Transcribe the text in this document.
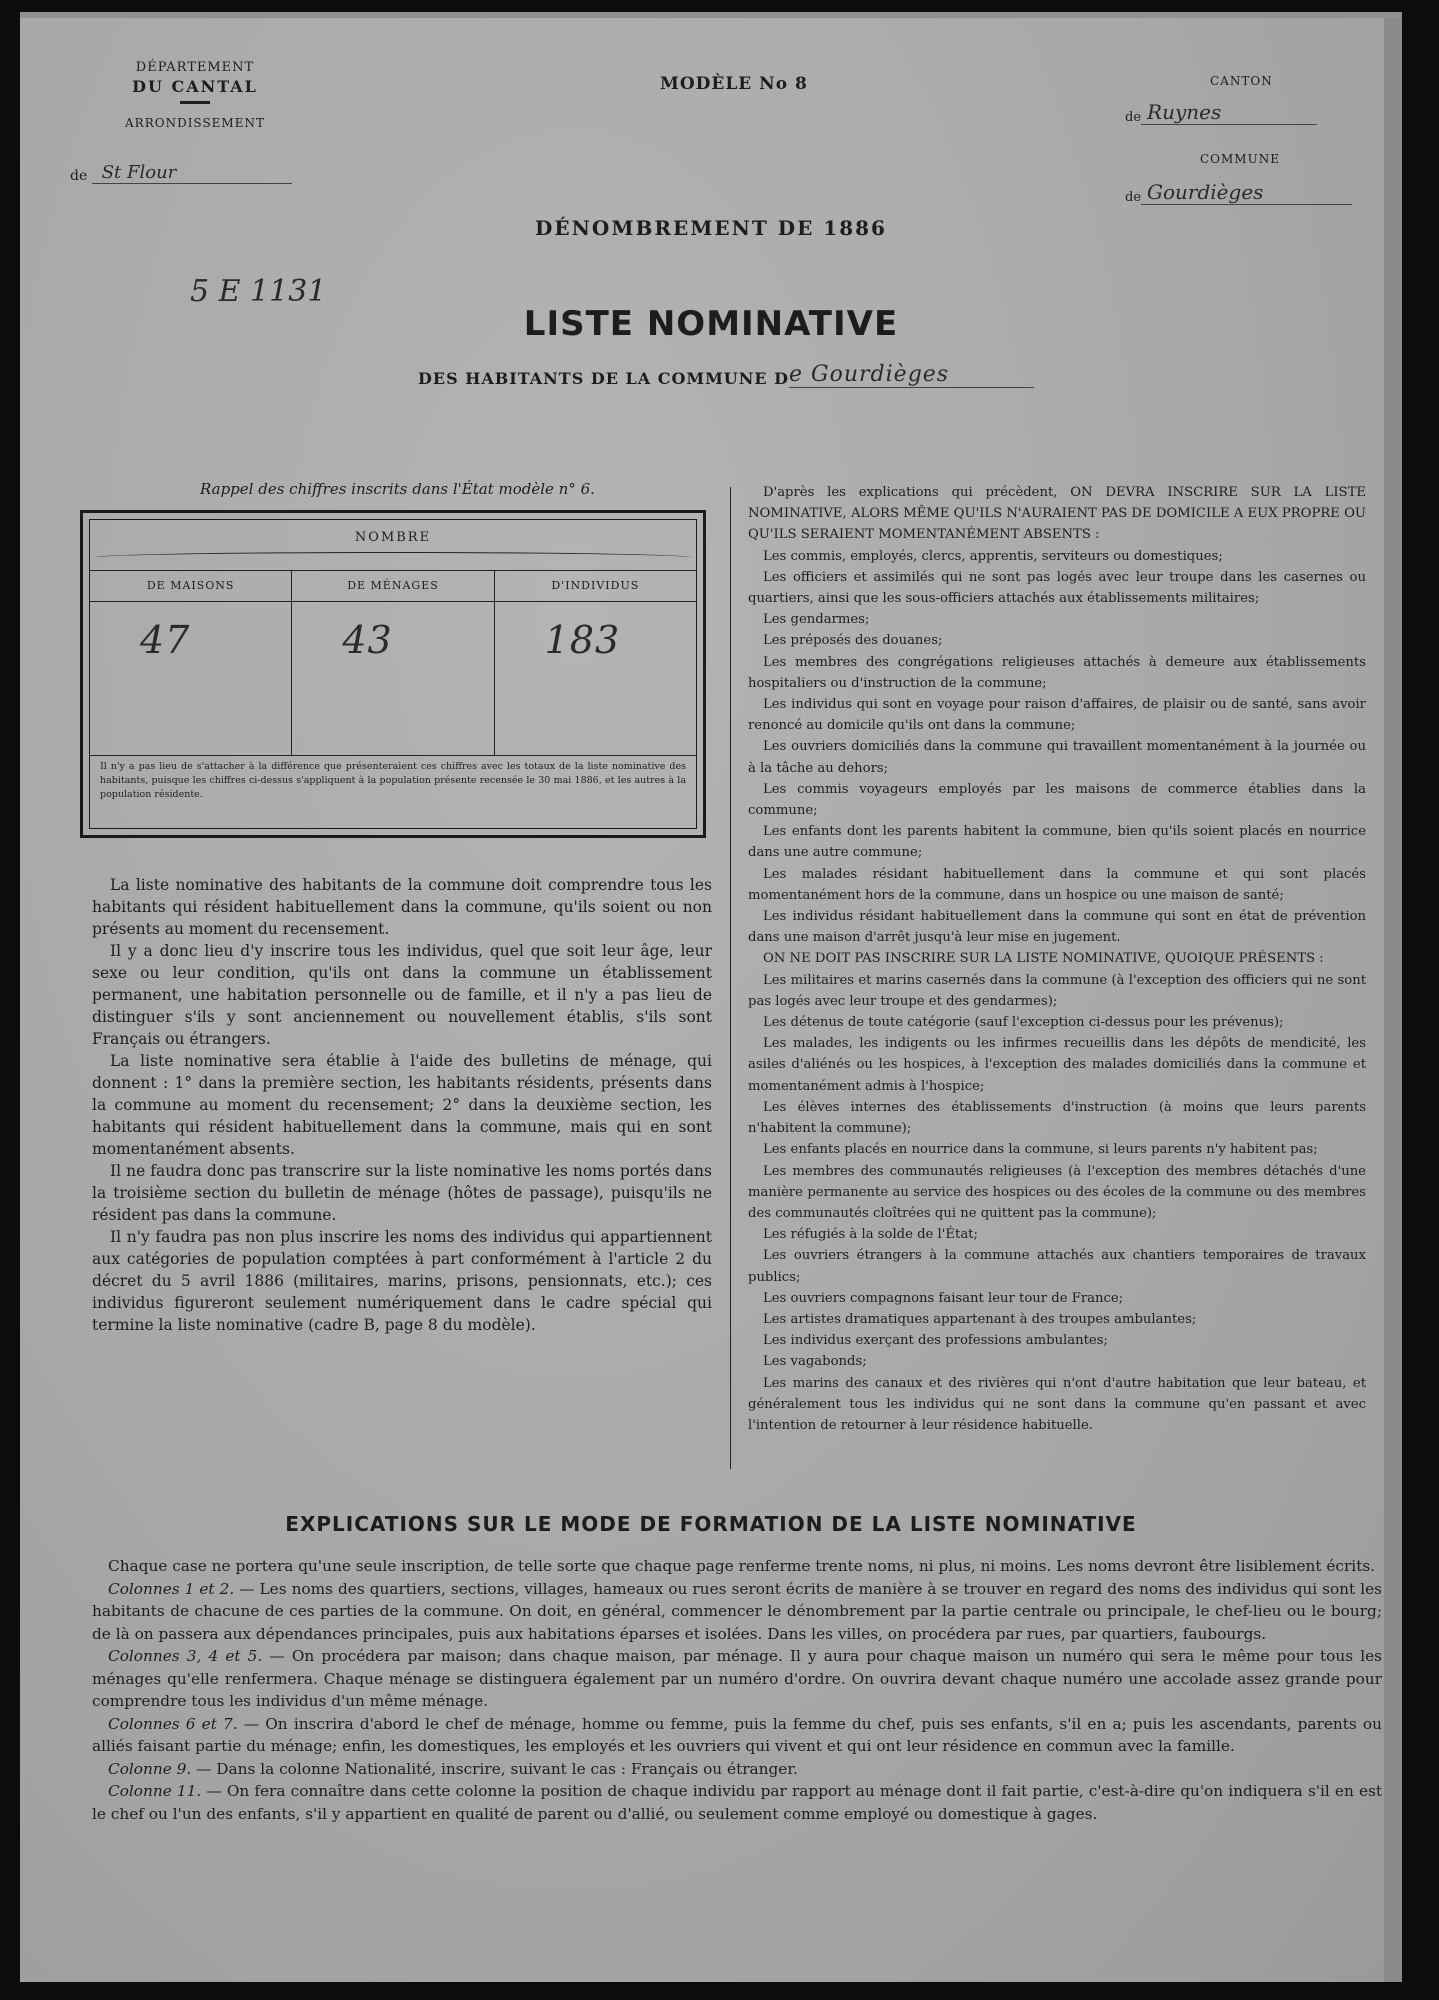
DÉPARTEMENT
DU CANTAL
ARRONDISSEMENT
de St Flour
MODÈLE No 8	CANTON
de Ruynes
COMMUNE
de Gourdièges
DÉNOMBREMENT DE 1886
5 E 1131
LISTE NOMINATIVE
DES HABITANTS DE LA COMMUNE De Gourdièges
Rappel des chiffres inscrits dans l'État modèle n° 6.
NOMBRE
DE MAISONS	DE MÉNAGES	D'INDIVIDUS
47	43	183
Il n'y a pas lieu de s'attacher à la différence que présenteraient ces chiffres avec les totaux de la liste nominative des habitants, puisque les chiffres ci-dessus s'appliquent à la population présente recensée le 30 mai 1886, et les autres à la population résidente.

La liste nominative des habitants de la commune doit comprendre tous les habitants qui résident habituellement dans la commune, qu'ils soient ou non présents au moment du recensement.

Il y a donc lieu d'y inscrire tous les individus, quel que soit leur âge, leur sexe ou leur condition, qu'ils ont dans la commune un établissement permanent, une habitation personnelle ou de famille, et il n'y a pas lieu de distinguer s'ils y sont anciennement ou nouvellement établis, s'ils sont Français ou étrangers.

La liste nominative sera établie à l'aide des bulletins de ménage, qui donnent : 1° dans la première section, les habitants résidents, présents dans la commune au moment du recensement; 2° dans la deuxième section, les habitants qui résident habituellement dans la commune, mais qui en sont momentanément absents.

Il ne faudra donc pas transcrire sur la liste nominative les noms portés dans la troisième section du bulletin de ménage (hôtes de passage), puisqu'ils ne résident pas dans la commune.

Il n'y faudra pas non plus inscrire les noms des individus qui appartiennent aux catégories de population comptées à part conformément à l'article 2 du décret du 5 avril 1886 (militaires, marins, prisons, pensionnats, etc.); ces individus figureront seulement numériquement dans le cadre spécial qui termine la liste nominative (cadre B, page 8 du modèle).

D'après les explications qui précèdent, ON DEVRA INSCRIRE SUR LA LISTE NOMINATIVE, ALORS MÊME QU'ILS N'AURAIENT PAS DE DOMICILE A EUX PROPRE OU QU'ILS SERAIENT MOMENTANÉMENT ABSENTS :

Les commis, employés, clercs, apprentis, serviteurs ou domestiques;

Les officiers et assimilés qui ne sont pas logés avec leur troupe dans les casernes ou quartiers, ainsi que les sous-officiers attachés aux établissements militaires;

Les gendarmes;

Les préposés des douanes;

Les membres des congrégations religieuses attachés à demeure aux établissements hospitaliers ou d'instruction de la commune;

Les individus qui sont en voyage pour raison d'affaires, de plaisir ou de santé, sans avoir renoncé au domicile qu'ils ont dans la commune;

Les ouvriers domiciliés dans la commune qui travaillent momentanément à la journée ou à la tâche au dehors;

Les commis voyageurs employés par les maisons de commerce établies dans la commune;

Les enfants dont les parents habitent la commune, bien qu'ils soient placés en nourrice dans une autre commune;

Les malades résidant habituellement dans la commune et qui sont placés momentanément hors de la commune, dans un hospice ou une maison de santé;

Les individus résidant habituellement dans la commune qui sont en état de prévention dans une maison d'arrêt jusqu'à leur mise en jugement.

ON NE DOIT PAS INSCRIRE SUR LA LISTE NOMINATIVE, QUOIQUE PRÉSENTS :

Les militaires et marins casernés dans la commune (à l'exception des officiers qui ne sont pas logés avec leur troupe et des gendarmes);

Les détenus de toute catégorie (sauf l'exception ci-dessus pour les prévenus);

Les malades, les indigents ou les infirmes recueillis dans les dépôts de mendicité, les asiles d'aliénés ou les hospices, à l'exception des malades domiciliés dans la commune et momentanément admis à l'hospice;

Les élèves internes des établissements d'instruction (à moins que leurs parents n'habitent la commune);

Les enfants placés en nourrice dans la commune, si leurs parents n'y habitent pas;

Les membres des communautés religieuses (à l'exception des membres détachés d'une manière permanente au service des hospices ou des écoles de la commune ou des membres des communautés cloîtrées qui ne quittent pas la commune);

Les réfugiés à la solde de l'État;

Les ouvriers étrangers à la commune attachés aux chantiers temporaires de travaux publics;

Les ouvriers compagnons faisant leur tour de France;

Les artistes dramatiques appartenant à des troupes ambulantes;

Les individus exerçant des professions ambulantes;

Les vagabonds;

Les marins des canaux et des rivières qui n'ont d'autre habitation que leur bateau, et généralement tous les individus qui ne sont dans la commune qu'en passant et avec l'intention de retourner à leur résidence habituelle.

EXPLICATIONS SUR LE MODE DE FORMATION DE LA LISTE NOMINATIVE

Chaque case ne portera qu'une seule inscription, de telle sorte que chaque page renferme trente noms, ni plus, ni moins. Les noms devront être lisiblement écrits.

Colonnes 1 et 2. — Les noms des quartiers, sections, villages, hameaux ou rues seront écrits de manière à se trouver en regard des noms des individus qui sont les habitants de chacune de ces parties de la commune. On doit, en général, commencer le dénombrement par la partie centrale ou principale, le chef-lieu ou le bourg; de là on passera aux dépendances principales, puis aux habitations éparses et isolées. Dans les villes, on procédera par rues, par quartiers, faubourgs.

Colonnes 3, 4 et 5. — On procédera par maison; dans chaque maison, par ménage. Il y aura pour chaque maison un numéro qui sera le même pour tous les ménages qu'elle renfermera. Chaque ménage se distinguera également par un numéro d'ordre. On ouvrira devant chaque numéro une accolade assez grande pour comprendre tous les individus d'un même ménage.

Colonnes 6 et 7. — On inscrira d'abord le chef de ménage, homme ou femme, puis la femme du chef, puis ses enfants, s'il en a; puis les ascendants, parents ou alliés faisant partie du ménage; enfin, les domestiques, les employés et les ouvriers qui vivent et qui ont leur résidence en commun avec la famille.

Colonne 9. — Dans la colonne Nationalité, inscrire, suivant le cas : Français ou étranger.

Colonne 11. — On fera connaître dans cette colonne la position de chaque individu par rapport au ménage dont il fait partie, c'est-à-dire qu'on indiquera s'il en est le chef ou l'un des enfants, s'il y appartient en qualité de parent ou d'allié, ou seulement comme employé ou domestique à gages.
